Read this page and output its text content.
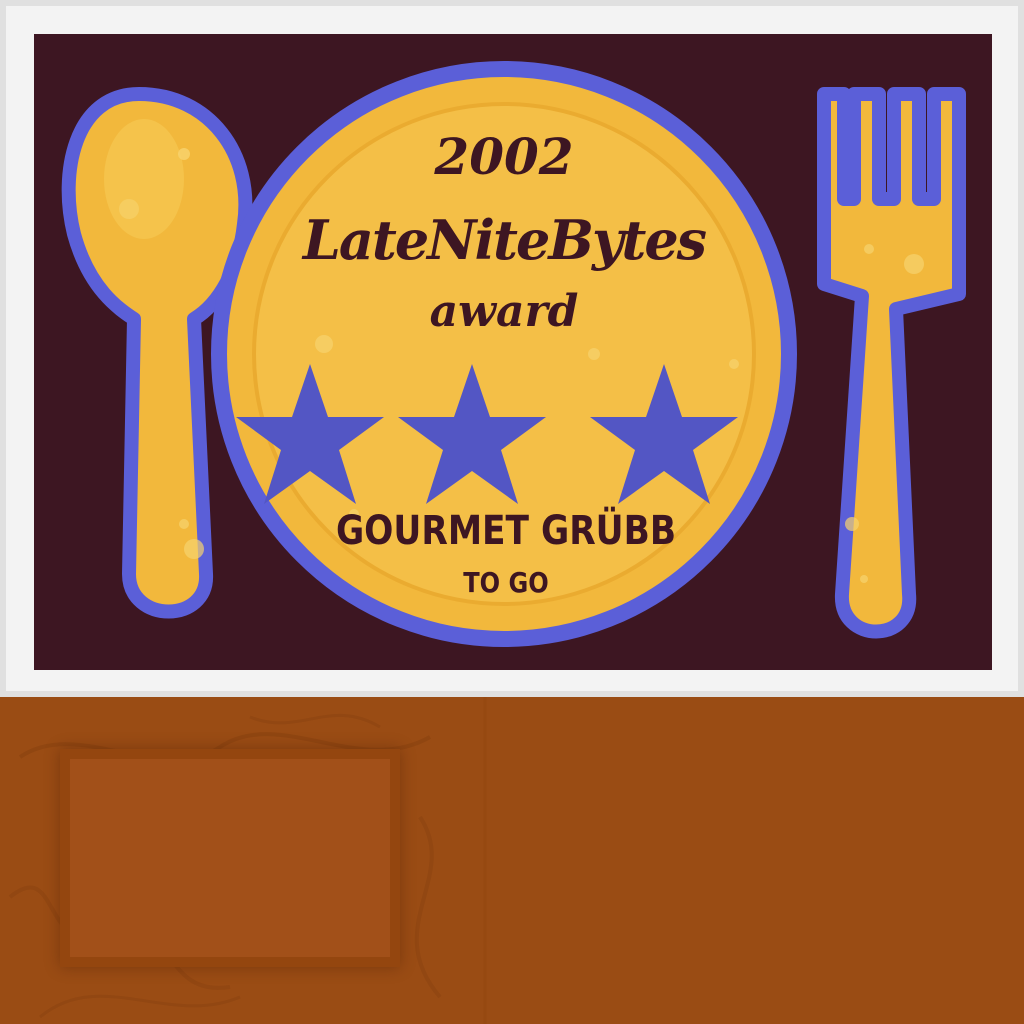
2002
LateNiteBytes
award
GOURMET GRÜBB
TO GO
